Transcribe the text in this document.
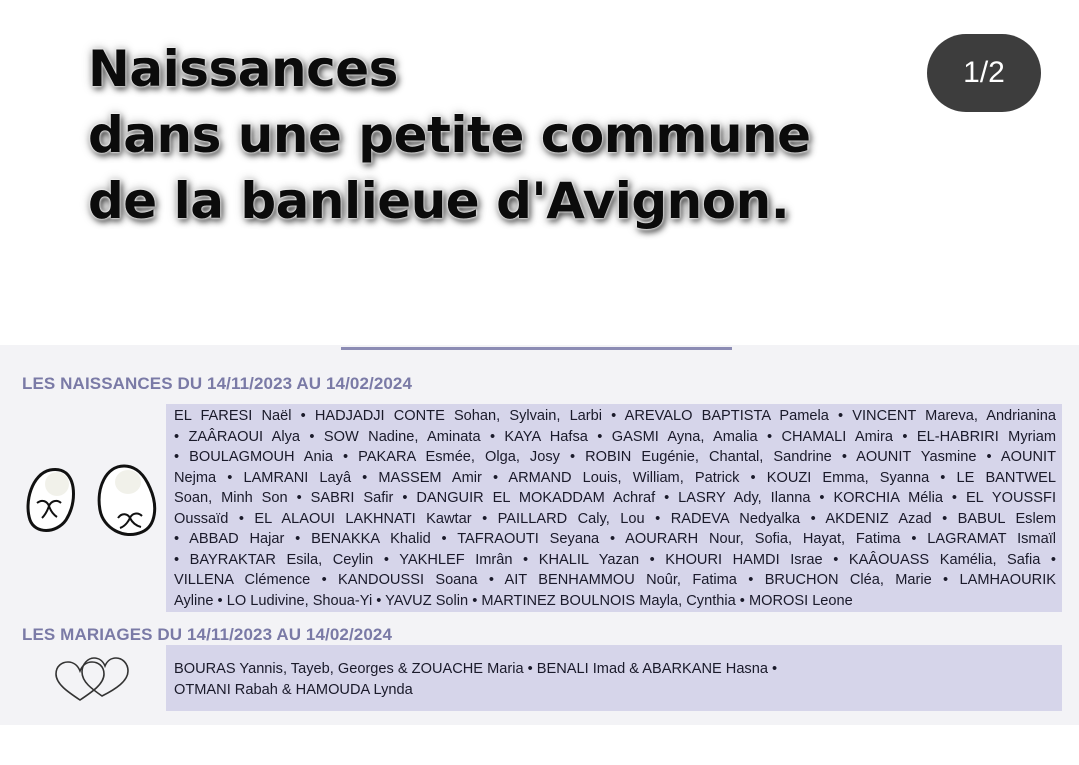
Naissances
dans une petite commune
de la banlieue d'Avignon.
1/2
LES NAISSANCES DU 14/11/2023 AU 14/02/2024
EL FARESI Naël • HADJADJI CONTE Sohan, Sylvain, Larbi • AREVALO BAPTISTA Pamela • VINCENT Mareva, Andrianina
• ZAÂRAOUI Alya • SOW Nadine, Aminata • KAYA Hafsa • GASMI Ayna, Amalia • CHAMALI Amira • EL-HABRIRI Myriam
• BOULAGMOUH Ania • PAKARA Esmée, Olga, Josy • ROBIN Eugénie, Chantal, Sandrine • AOUNIT Yasmine • AOUNIT
Nejma • LAMRANI Layâ • MASSEM Amir • ARMAND Louis, William, Patrick • KOUZI Emma, Syanna • LE BANTWEL
Soan, Minh Son • SABRI Safir • DANGUIR EL MOKADDAM Achraf • LASRY Ady, Ilanna • KORCHIA Mélia • EL YOUSSFI
Oussaïd • EL ALAOUI LAKHNATI Kawtar • PAILLARD Caly, Lou • RADEVA Nedyalka • AKDENIZ Azad • BABUL Eslem
• ABBAD Hajar • BENAKKA Khalid • TAFRAOUTI Seyana • AOURARH Nour, Sofia, Hayat, Fatima • LAGRAMAT Ismaïl
• BAYRAKTAR Esila, Ceylin • YAKHLEF Imrân • KHALIL Yazan • KHOURI HAMDI Israe • KAÂOUASS Kamélia, Safia •
VILLENA Clémence • KANDOUSSI Soana • AIT BENHAMMOU Noûr, Fatima • BRUCHON Cléa, Marie • LAMHAOURIK
Ayline • LO Ludivine, Shoua-Yi • YAVUZ Solin • MARTINEZ BOULNOIS Mayla, Cynthia • MOROSI Leone
LES MARIAGES DU 14/11/2023 AU 14/02/2024
BOURAS Yannis, Tayeb, Georges & ZOUACHE Maria • BENALI Imad & ABARKANE Hasna •
OTMANI Rabah & HAMOUDA Lynda
